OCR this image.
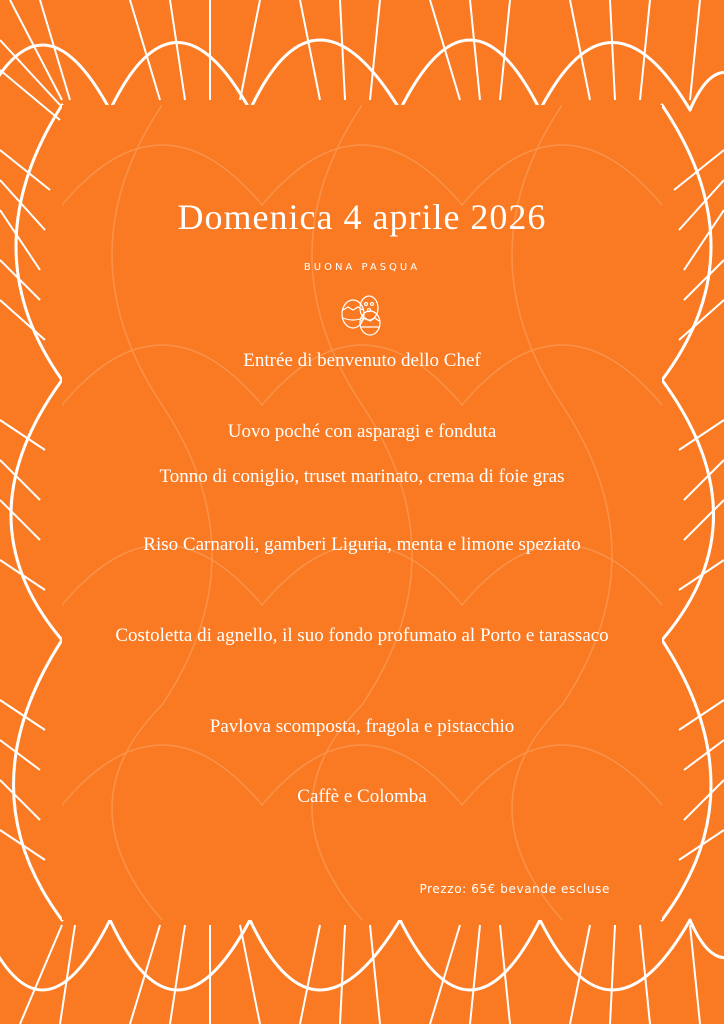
Domenica 4 aprile 2026
BUONA PASQUA
Entrée di benvenuto dello Chef
Uovo poché con asparagi e fonduta
Tonno di coniglio, truset marinato, crema di foie gras
Riso Carnaroli, gamberi Liguria, menta e limone speziato
Costoletta di agnello, il suo fondo profumato al Porto e tarassaco
Pavlova scomposta, fragola e pistacchio
Caffè e Colomba
Prezzo: 65€ bevande escluse
